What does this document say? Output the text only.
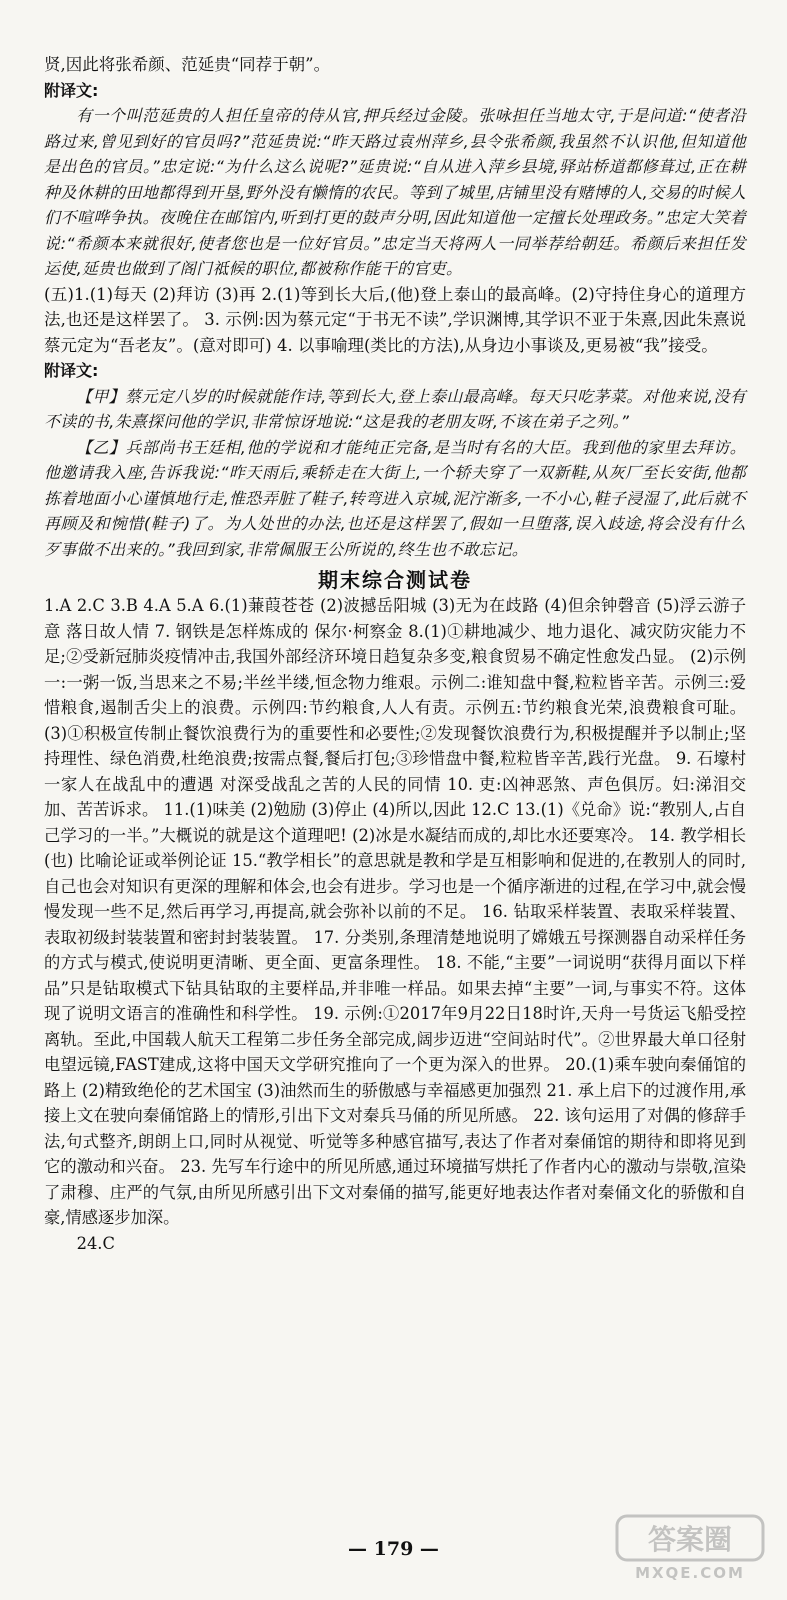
贤,因此将张希颜、范延贵“同荐于朝”。

附译文:

有一个叫范延贵的人担任皇帝的侍从官,押兵经过金陵。张咏担任当地太守,于是问道:“使者沿路过来,曾见到好的官员吗?”范延贵说:“昨天路过袁州萍乡,县令张希颜,我虽然不认识他,但知道他是出色的官员。”忠定说:“为什么这么说呢?”延贵说:“自从进入萍乡县境,驿站桥道都修葺过,正在耕种及休耕的田地都得到开垦,野外没有懒惰的农民。等到了城里,店铺里没有赌博的人,交易的时候人们不喧哗争执。夜晚住在邮馆内,听到打更的鼓声分明,因此知道他一定擅长处理政务。”忠定大笑着说:“希颜本来就很好,使者您也是一位好官员。”忠定当天将两人一同举荐给朝廷。希颜后来担任发运使,延贵也做到了阁门祗候的职位,都被称作能干的官吏。

(五)1.(1)每天 (2)拜访 (3)再 2.(1)等到长大后,(他)登上泰山的最高峰。(2)守持住身心的道理方法,也还是这样罢了。 3. 示例:因为蔡元定“于书无不读”,学识渊博,其学识不亚于朱熹,因此朱熹说蔡元定为“吾老友”。(意对即可) 4. 以事喻理(类比的方法),从身边小事谈及,更易被“我”接受。

附译文:

【甲】蔡元定八岁的时候就能作诗,等到长大,登上泰山最高峰。每天只吃茅菜。对他来说,没有不读的书,朱熹探问他的学识,非常惊讶地说:“这是我的老朋友呀,不该在弟子之列。”

【乙】兵部尚书王廷相,他的学说和才能纯正完备,是当时有名的大臣。我到他的家里去拜访。他邀请我入座,告诉我说:“昨天雨后,乘轿走在大街上,一个轿夫穿了一双新鞋,从灰厂至长安街,他都拣着地面小心谨慎地行走,惟恐弄脏了鞋子,转弯进入京城,泥泞渐多,一不小心,鞋子浸湿了,此后就不再顾及和惋惜(鞋子)了。为人处世的办法,也还是这样罢了,假如一旦堕落,误入歧途,将会没有什么歹事做不出来的。”我回到家,非常佩服王公所说的,终生也不敢忘记。

期末综合测试卷

1.A 2.C 3.B 4.A 5.A 6.(1)蒹葭苍苍 (2)波撼岳阳城 (3)无为在歧路 (4)但余钟磬音 (5)浮云游子意 落日故人情 7. 钢铁是怎样炼成的 保尔·柯察金 8.(1)①耕地减少、地力退化、减灾防灾能力不足;②受新冠肺炎疫情冲击,我国外部经济环境日趋复杂多变,粮食贸易不确定性愈发凸显。 (2)示例一:一粥一饭,当思来之不易;半丝半缕,恒念物力维艰。示例二:谁知盘中餐,粒粒皆辛苦。示例三:爱惜粮食,遏制舌尖上的浪费。示例四:节约粮食,人人有责。示例五:节约粮食光荣,浪费粮食可耻。 (3)①积极宣传制止餐饮浪费行为的重要性和必要性;②发现餐饮浪费行为,积极提醒并予以制止;坚持理性、绿色消费,杜绝浪费;按需点餐,餐后打包;③珍惜盘中餐,粒粒皆辛苦,践行光盘。 9. 石壕村一家人在战乱中的遭遇 对深受战乱之苦的人民的同情 10. 吏:凶神恶煞、声色俱厉。妇:涕泪交加、苦苦诉求。 11.(1)味美 (2)勉励 (3)停止 (4)所以,因此 12.C 13.(1)《兑命》说:“教别人,占自己学习的一半。”大概说的就是这个道理吧! (2)冰是水凝结而成的,却比水还要寒冷。 14. 教学相长(也) 比喻论证或举例论证 15.“教学相长”的意思就是教和学是互相影响和促进的,在教别人的同时,自己也会对知识有更深的理解和体会,也会有进步。学习也是一个循序渐进的过程,在学习中,就会慢慢发现一些不足,然后再学习,再提高,就会弥补以前的不足。 16. 钻取采样装置、表取采样装置、表取初级封装装置和密封封装装置。 17. 分类别,条理清楚地说明了嫦娥五号探测器自动采样任务的方式与模式,使说明更清晰、更全面、更富条理性。 18. 不能,“主要”一词说明“获得月面以下样品”只是钻取模式下钻具钻取的主要样品,并非唯一样品。如果去掉“主要”一词,与事实不符。这体现了说明文语言的准确性和科学性。 19. 示例:①2017年9月22日18时许,天舟一号货运飞船受控离轨。至此,中国载人航天工程第二步任务全部完成,阔步迈进“空间站时代”。②世界最大单口径射电望远镜,FAST建成,这将中国天文学研究推向了一个更为深入的世界。 20.(1)乘车驶向秦俑馆的路上 (2)精致绝伦的艺术国宝 (3)油然而生的骄傲感与幸福感更加强烈 21. 承上启下的过渡作用,承接上文在驶向秦俑馆路上的情形,引出下文对秦兵马俑的所见所感。 22. 该句运用了对偶的修辞手法,句式整齐,朗朗上口,同时从视觉、听觉等多种感官描写,表达了作者对秦俑馆的期待和即将见到它的激动和兴奋。 23. 先写车行途中的所见所感,通过环境描写烘托了作者内心的激动与崇敬,渲染了肃穆、庄严的气氛,由所见所感引出下文对秦俑的描写,能更好地表达作者对秦俑文化的骄傲和自豪,情感逐步加深。

24.C

— 179 —	答案圈
MXQE.COM
